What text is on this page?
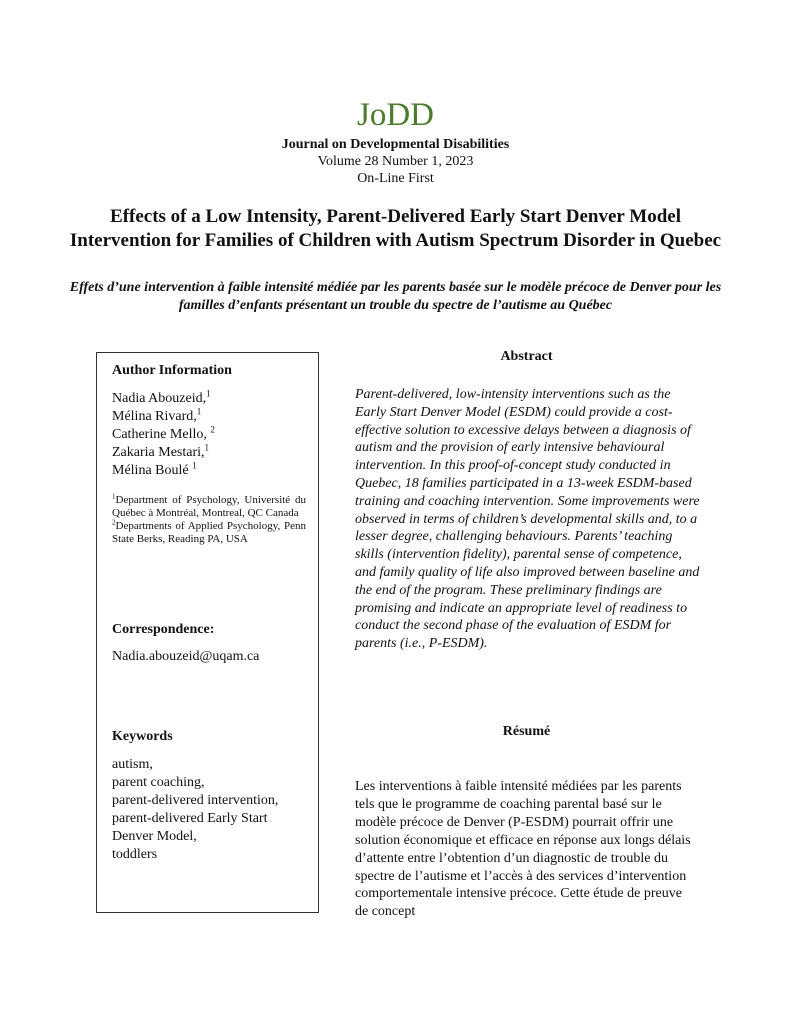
JoDD
Journal on Developmental Disabilities
Volume 28 Number 1, 2023
On-Line First
Effects of a Low Intensity, Parent-Delivered Early Start Denver Model Intervention for Families of Children with Autism Spectrum Disorder in Quebec
Effets d’une intervention à faible intensité médiée par les parents basée sur le modèle précoce de Denver pour les familles d’enfants présentant un trouble du spectre de l’autisme au Québec
Author Information
Nadia Abouzeid,$^1$
Mélina Rivard,$^1$
Catherine Mello, $^2$
Zakaria Mestari,$^1$
Mélina Boulé $^1$
$^1$Department of Psychology, Université du Québec à Montréal, Montreal, QC Canada
$^2$Departments of Applied Psychology, Penn State Berks, Reading PA, USA
Correspondence:
Nadia.abouzeid@uqam.ca
Keywords
autism,
parent coaching,
parent-delivered intervention,
parent-delivered Early Start Denver Model,
toddlers
Abstract
Parent-delivered, low-intensity interventions such as the Early Start Denver Model (ESDM) could provide a cost-effective solution to excessive delays between a diagnosis of autism and the provision of early intensive behavioural intervention. In this proof-of-concept study conducted in Quebec, 18 families participated in a 13-week ESDM-based training and coaching intervention. Some improvements were observed in terms of children’s developmental skills and, to a lesser degree, challenging behaviours. Parents’ teaching skills (intervention fidelity), parental sense of competence, and family quality of life also improved between baseline and the end of the program. These preliminary findings are promising and indicate an appropriate level of readiness to conduct the second phase of the evaluation of ESDM for parents (i.e., P-ESDM).
Résumé
Les interventions à faible intensité médiées par les parents tels que le programme de coaching parental basé sur le modèle précoce de Denver (P-ESDM) pourrait offrir une solution économique et efficace en réponse aux longs délais d’attente entre l’obtention d’un diagnostic de trouble du spectre de l’autisme et l’accès à des services d’intervention comportementale intensive précoce. Cette étude de preuve de concept
